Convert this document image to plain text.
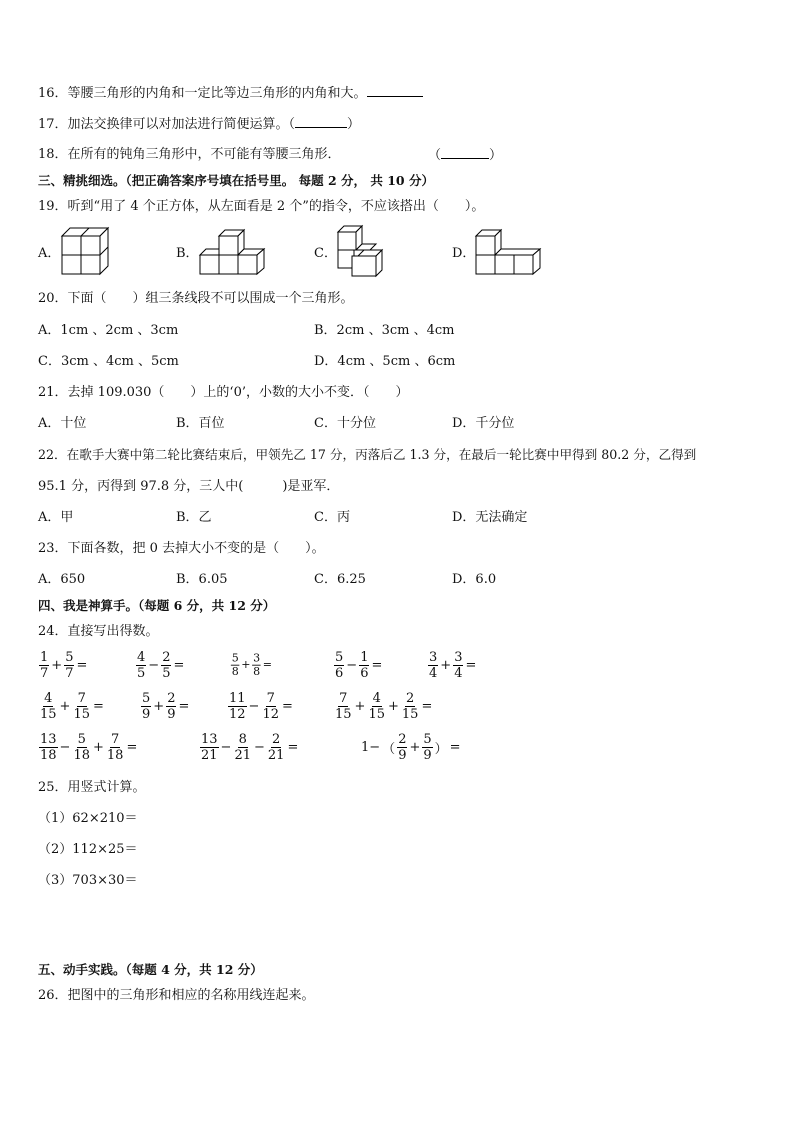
16．等腰三角形的内角和一定比等边三角形的内角和大。
17．加法交换律可以对加法进行简便运算。（	）
18．在所有的钝角三角形中，不可能有等腰三角形．	（	）
三、精挑细选。（把正确答案序号填在括号里。 每题 2 分， 共 10 分）
19．听到“用了 4 个正方体，从左面看是 2 个”的指令，不应该搭出（　　）。
A．	B．	C．	D．
20．下面（　　）组三条线段不可以围成一个三角形。
A．1cm 、2cm 、3cm	B．2cm 、3cm 、4cm
C．3cm 、4cm 、5cm	D．4cm 、5cm 、6cm
21．去掉 109.030（　　）上的‘0’，小数的大小不变．（　　）
A．十位	B．百位	C．十分位	D．千分位
22．在歌手大赛中第二轮比赛结束后，甲领先乙 17 分，丙落后乙 1.3 分，在最后一轮比赛中甲得到 80.2 分，乙得到
95.1 分，丙得到 97.8 分，三人中(　　　)是亚军．
A．甲	B．乙	C．丙	D．无法确定
23．下面各数，把 0 去掉大小不变的是（　　）。
A．650	B．6.05	C．6.25	D．6.0
四、我是神算手。（每题 6 分，共 12 分）
24．直接写出得数。
$\frac{1}{7} + \frac{5}{7}$ =	$\frac{4}{5} - \frac{2}{5}$ =	$\frac{5}{8} + \frac{3}{8}$ =	$\frac{5}{6} - \frac{1}{6}$ =	$\frac{3}{4} + \frac{3}{4}$ =
$\frac{4}{15} + \frac{7}{15}$ =	$\frac{5}{9} + \frac{2}{9}$ =	$\frac{11}{12} - \frac{7}{12}$ =	$\frac{7}{15} + \frac{4}{15} + \frac{2}{15}$ =
$\frac{13}{18} - \frac{5}{18} + \frac{7}{18}$ =	$\frac{13}{21} - \frac{8}{21} - \frac{2}{21}$ =	1− （ $\frac{2}{9} + \frac{5}{9}$ ） =
25．用竖式计算。
（1）62×210＝
（2）112×25＝
（3）703×30＝
五、动手实践。（每题 4 分，共 12 分）
26．把图中的三角形和相应的名称用线连起来。
